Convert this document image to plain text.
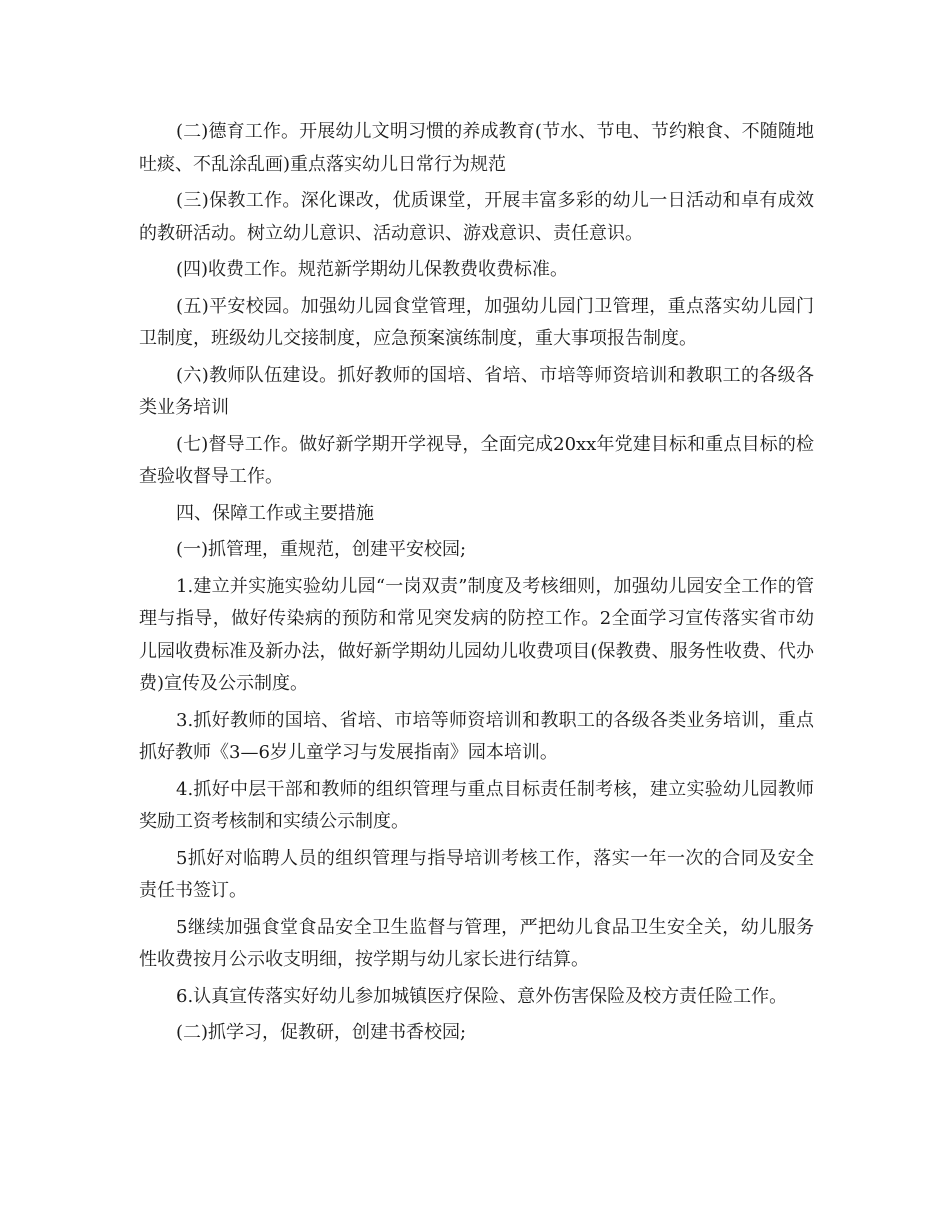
(二)德育工作。开展幼儿文明习惯的养成教育(节水、节电、节约粮食、不随随地吐痰、不乱涂乱画)重点落实幼儿日常行为规范

(三)保教工作。深化课改，优质课堂，开展丰富多彩的幼儿一日活动和卓有成效的教研活动。树立幼儿意识、活动意识、游戏意识、责任意识。

(四)收费工作。规范新学期幼儿保教费收费标准。

(五)平安校园。加强幼儿园食堂管理，加强幼儿园门卫管理，重点落实幼儿园门卫制度，班级幼儿交接制度，应急预案演练制度，重大事项报告制度。

(六)教师队伍建设。抓好教师的国培、省培、市培等师资培训和教职工的各级各类业务培训

(七)督导工作。做好新学期开学视导，全面完成20xx年党建目标和重点目标的检查验收督导工作。

四、保障工作或主要措施

(一)抓管理，重规范，创建平安校园;

1.建立并实施实验幼儿园“一岗双责”制度及考核细则，加强幼儿园安全工作的管理与指导，做好传染病的预防和常见突发病的防控工作。2全面学习宣传落实省市幼儿园收费标准及新办法，做好新学期幼儿园幼儿收费项目(保教费、服务性收费、代办费)宣传及公示制度。

3.抓好教师的国培、省培、市培等师资培训和教职工的各级各类业务培训，重点抓好教师《3—6岁儿童学习与发展指南》园本培训。

4.抓好中层干部和教师的组织管理与重点目标责任制考核，建立实验幼儿园教师奖励工资考核制和实绩公示制度。

5抓好对临聘人员的组织管理与指导培训考核工作，落实一年一次的合同及安全责任书签订。

5继续加强食堂食品安全卫生监督与管理，严把幼儿食品卫生安全关，幼儿服务性收费按月公示收支明细，按学期与幼儿家长进行结算。

6.认真宣传落实好幼儿参加城镇医疗保险、意外伤害保险及校方责任险工作。

(二)抓学习，促教研，创建书香校园;
